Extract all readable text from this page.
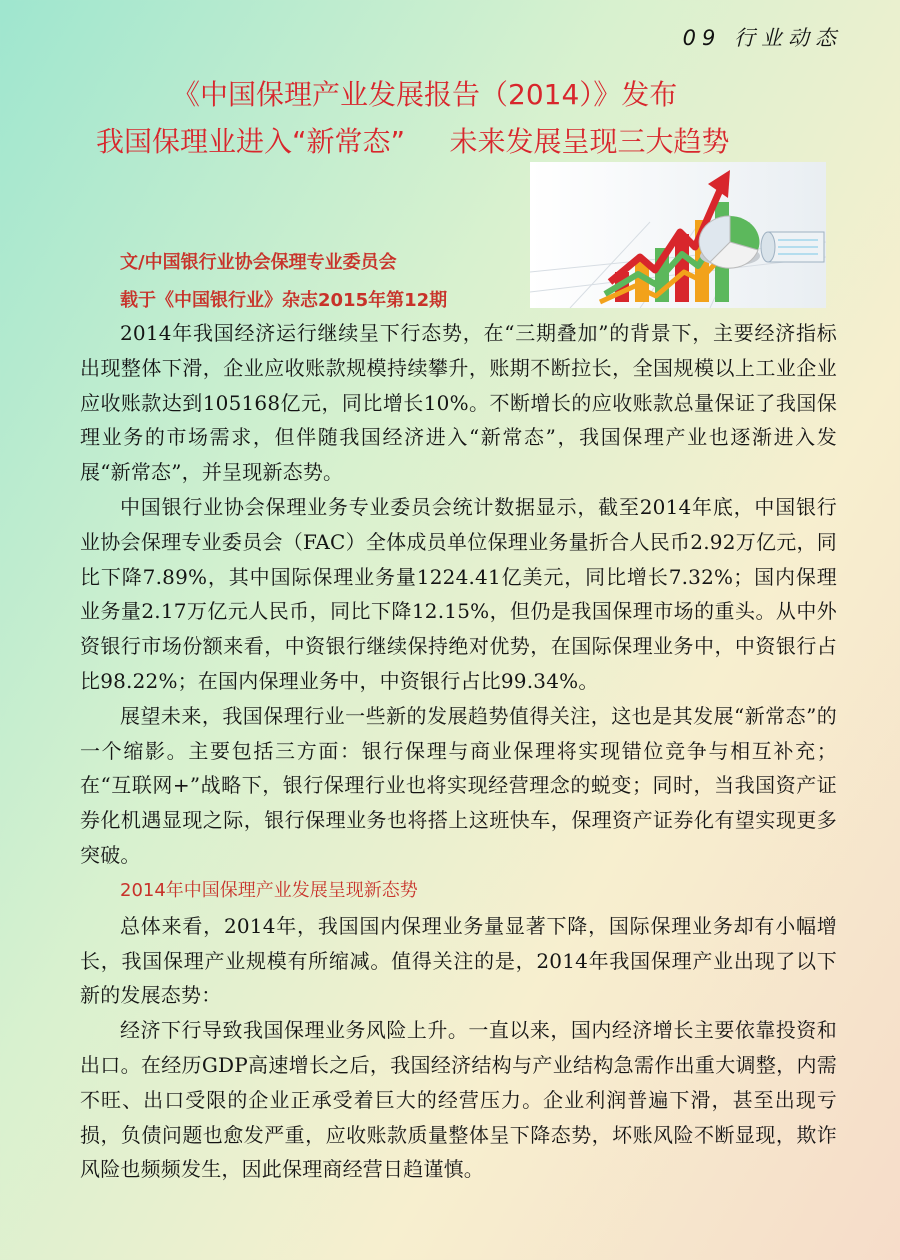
09 行业动态
《中国保理产业发展报告（2014）》发布
我国保理业进入“新常态”     未来发展呈现三大趋势
文/中国银行业协会保理专业委员会
载于《中国银行业》杂志2015年第12期

2014年我国经济运行继续呈下行态势，在“三期叠加”的背景下，主要经济指标出现整体下滑，企业应收账款规模持续攀升，账期不断拉长，全国规模以上工业企业应收账款达到105168亿元，同比增长10%。不断增长的应收账款总量保证了我国保理业务的市场需求，但伴随我国经济进入“新常态”，我国保理产业也逐渐进入发展“新常态”，并呈现新态势。

中国银行业协会保理业务专业委员会统计数据显示，截至2014年底，中国银行业协会保理专业委员会（FAC）全体成员单位保理业务量折合人民币2.92万亿元，同比下降7.89%，其中国际保理业务量1224.41亿美元，同比增长7.32%；国内保理业务量2.17万亿元人民币，同比下降12.15%，但仍是我国保理市场的重头。从中外资银行市场份额来看，中资银行继续保持绝对优势，在国际保理业务中，中资银行占比98.22%；在国内保理业务中，中资银行占比99.34%。

展望未来，我国保理行业一些新的发展趋势值得关注，这也是其发展“新常态”的一个缩影。主要包括三方面：银行保理与商业保理将实现错位竞争与相互补充；在“互联网+”战略下，银行保理行业也将实现经营理念的蜕变；同时，当我国资产证券化机遇显现之际，银行保理业务也将搭上这班快车，保理资产证券化有望实现更多突破。

2014年中国保理产业发展呈现新态势

总体来看，2014年，我国国内保理业务量显著下降，国际保理业务却有小幅增长，我国保理产业规模有所缩减。值得关注的是，2014年我国保理产业出现了以下新的发展态势：

经济下行导致我国保理业务风险上升。一直以来，国内经济增长主要依靠投资和出口。在经历GDP高速增长之后，我国经济结构与产业结构急需作出重大调整，内需不旺、出口受限的企业正承受着巨大的经营压力。企业利润普遍下滑，甚至出现亏损，负债问题也愈发严重，应收账款质量整体呈下降态势，坏账风险不断显现，欺诈风险也频频发生，因此保理商经营日趋谨慎。
